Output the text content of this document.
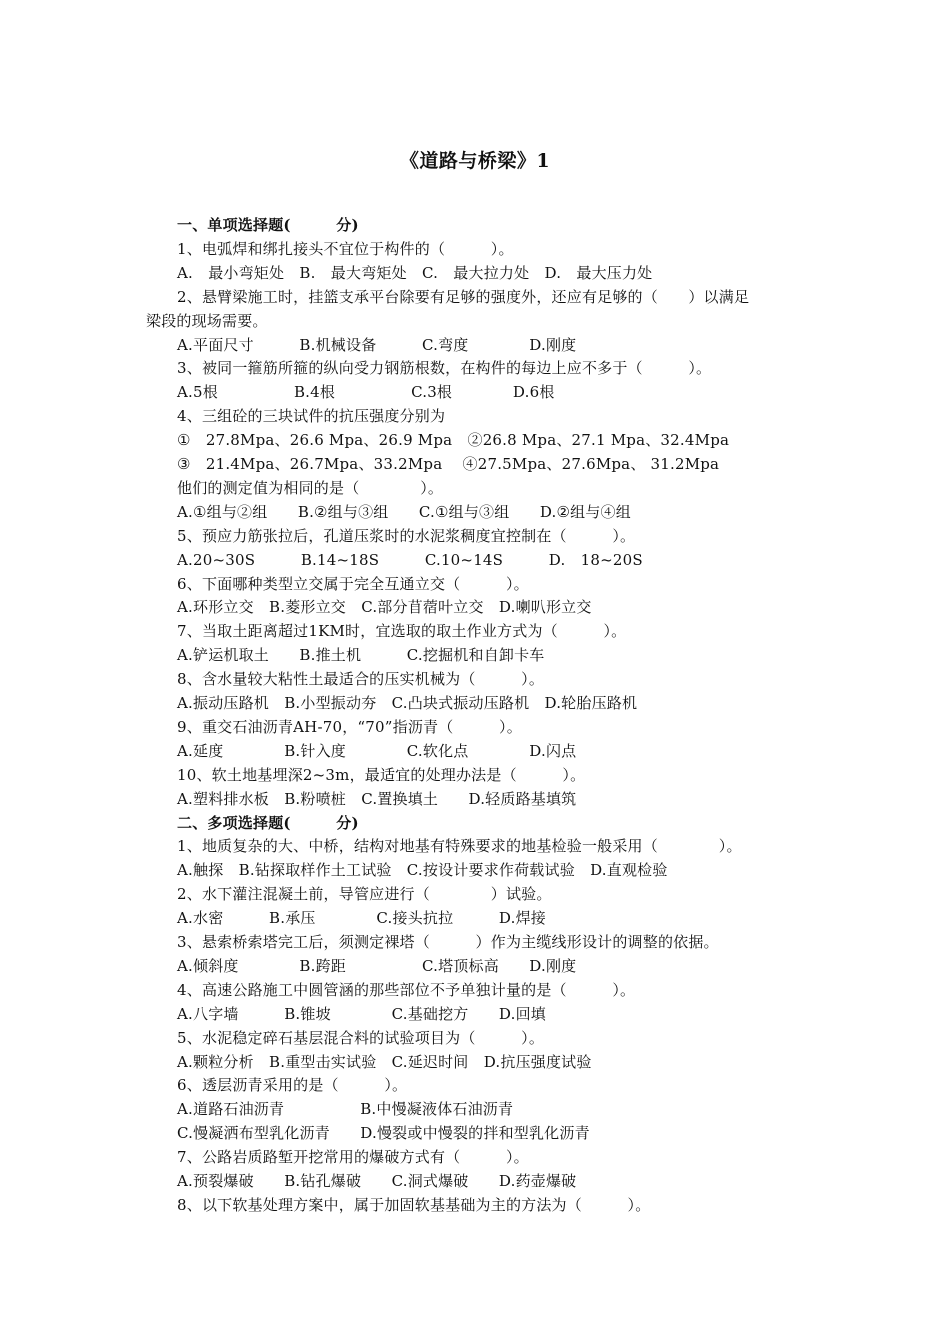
《道路与桥梁》1
一、单项选择题(　　　分)
1、电弧焊和绑扎接头不宜位于构件的（　　　）。
A.　最小弯矩处　B.　最大弯矩处　C.　最大拉力处　D.　最大压力处
2、悬臂梁施工时，挂篮支承平台除要有足够的强度外，还应有足够的（　　）以满足
梁段的现场需要。
A.平面尺寸　　　B.机械设备　　　C.弯度　　　　D.刚度
3、被同一箍筋所箍的纵向受力钢筋根数，在构件的每边上应不多于（　　　）。
A.5根　　　　　B.4根　　　　　C.3根　　　　D.6根
4、三组砼的三块试件的抗压强度分别为
①　27.8Mpa、26.6 Mpa、26.9 Mpa　②26.8 Mpa、27.1 Mpa、32.4Mpa
③　21.4Mpa、26.7Mpa、33.2Mpa　 ④27.5Mpa、27.6Mpa、 31.2Mpa
他们的测定值为相同的是（　　　　）。
A.①组与②组　　B.②组与③组　　C.①组与③组　　D.②组与④组
5、预应力筋张拉后，孔道压浆时的水泥浆稠度宜控制在（　　　）。
A.20~30S　　　B.14~18S　　　C.10~14S　　　D.　18~20S
6、下面哪种类型立交属于完全互通立交（　　　）。
A.环形立交　B.菱形立交　C.部分苜蓿叶立交　D.喇叭形立交
7、当取土距离超过1KM时，宜选取的取土作业方式为（　　　）。
A.铲运机取土　　B.推土机　　　C.挖掘机和自卸卡车
8、含水量较大粘性土最适合的压实机械为（　　　）。
A.振动压路机　B.小型振动夯　C.凸块式振动压路机　D.轮胎压路机
9、重交石油沥青AH-70，“70”指沥青（　　　）。
A.延度　　　　B.针入度　　　　C.软化点　　　　D.闪点
10、软土地基埋深2~3m，最适宜的处理办法是（　　　）。
A.塑料排水板　B.粉喷桩　C.置换填土　　D.轻质路基填筑
二、多项选择题(　　　分)
1、地质复杂的大、中桥，结构对地基有特殊要求的地基检验一般采用（　　　　）。
A.触探　B.钻探取样作土工试验　C.按设计要求作荷载试验　D.直观检验
2、水下灌注混凝土前，导管应进行（　　　　）试验。
A.水密　　　B.承压　　　　C.接头抗拉　　　D.焊接
3、悬索桥索塔完工后，须测定裸塔（　　　）作为主缆线形设计的调整的依据。
A.倾斜度　　　　B.跨距　　　　　C.塔顶标高　　D.刚度
4、高速公路施工中圆管涵的那些部位不予单独计量的是（　　　）。
A.八字墙　　　B.锥坡　　　　C.基础挖方　　D.回填
5、水泥稳定碎石基层混合料的试验项目为（　　　）。
A.颗粒分析　B.重型击实试验　C.延迟时间　D.抗压强度试验
6、透层沥青采用的是（　　　）。
A.道路石油沥青　　　　　B.中慢凝液体石油沥青
C.慢凝洒布型乳化沥青　　D.慢裂或中慢裂的拌和型乳化沥青
7、公路岩质路堑开挖常用的爆破方式有（　　　）。
A.预裂爆破　　B.钻孔爆破　　C.洞式爆破　　D.药壶爆破
8、以下软基处理方案中，属于加固软基基础为主的方法为（　　　）。
